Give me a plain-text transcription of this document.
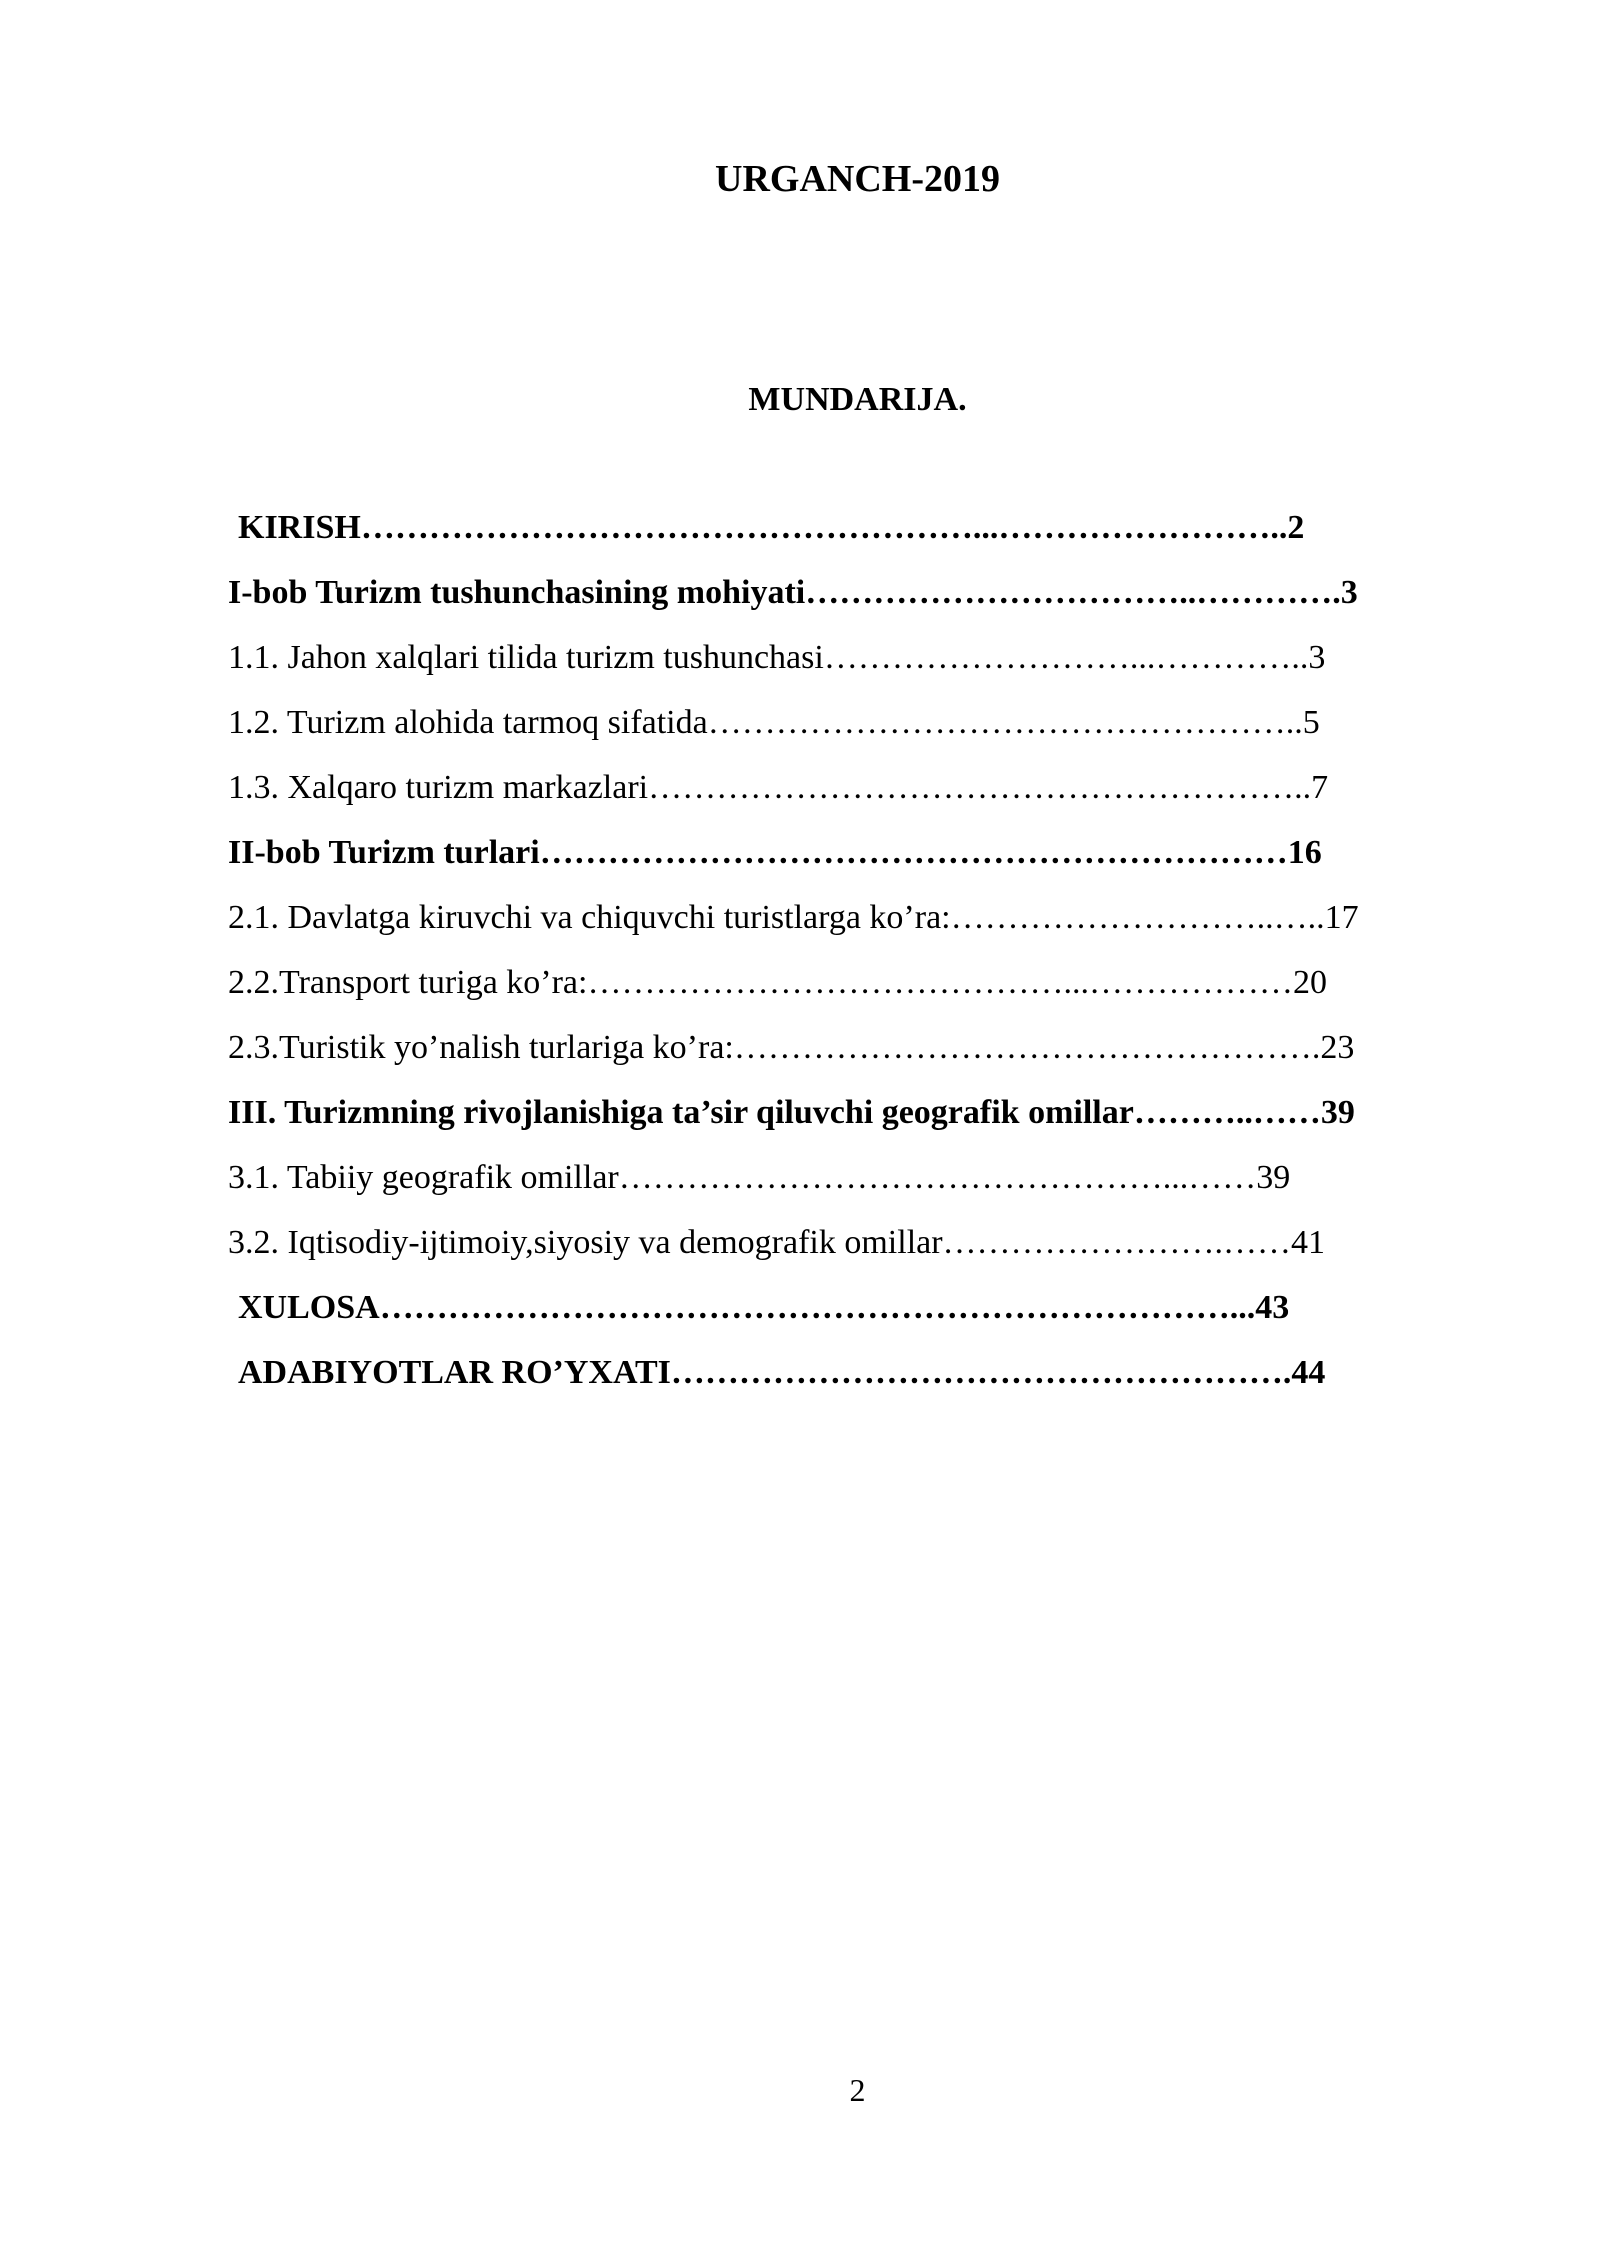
URGANCH-2019
MUNDARIJA.
KIRISH………………………………………………...……………………..2
I-bob Turizm tushunchasining mohiyati……………………………..………….3
1.1. Jahon xalqlari tilida turizm tushunchasi………………………...…………..3
1.2. Turizm alohida tarmoq sifatida……………………………………………..5
1.3. Xalqaro turizm markazlari…………………………………………………..7
II-bob Turizm turlari…………………………………………………………16
2.1. Davlatga kiruvchi va chiquvchi turistlarga ko’ra:………………………..…..17
2.2.Transport turiga ko’ra:……………………………………...………………20
2.3.Turistik yo’nalish turlariga ko’ra:…………………………………………….23
III. Turizmning rivojlanishiga ta’sir qiluvchi geografik omillar………..……39
3.1. Tabiiy geografik omillar…………………………………………...……39
3.2. Iqtisodiy-ijtimoiy,siyosiy va demografik omillar…………………….……41
XULOSA…………………………………………………………………...43
ADABIYOTLAR RO’YXATI……………………………………………….44
2
